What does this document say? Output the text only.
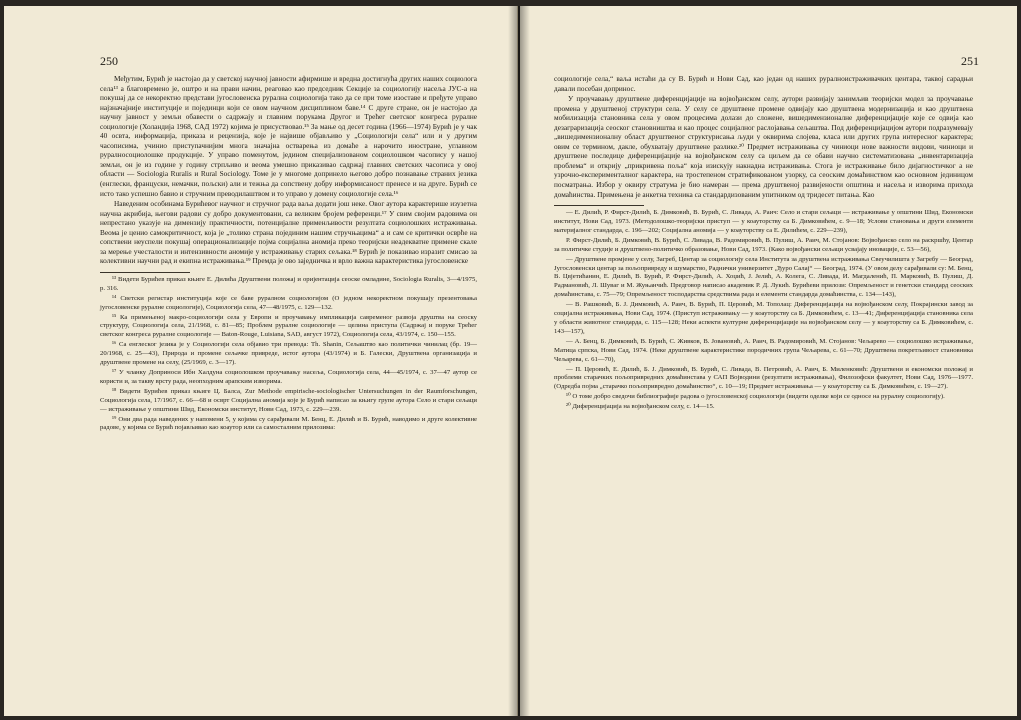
250

Међутим, Бурић је настојао да у светској научној јавности афирмише и вредна достигнућа других наших социолога села¹³ а благовремено је, оштро и на прави начин, реаговао као председник Секције за социологију насеља ЈУС-а на покушај да се некоректно представи југословенска рурална социологија тако да се при томе изоставе и пређуте управо најзначајније институције и појединци који се овом научном дисциплином баве.¹⁴ С друге стране, он је настојао да научну јавност у земљи обавести о садржају и главним порукама Другог и Трећег светског конгреса руралне социологије (Холандија 1968, САД 1972) којима је присуствовао.¹⁵ За мање од десет година (1966—1974) Бурић је у чак 40 освта, информација, приказа и рецензија, које је највише објављиво у „Социологији села“ или и у другим часописима, учинио приступачнијим многа значајна остварења из домаће а нарочито иностране, углавном руралносоциолошке продукције. У управо поменутом, једином специјализованом социолошком часопису у нашој земљи, он је из године у годину стрпљиво и веома умешно приказивао садржај главних светских часописа у овој области — Sociologia Ruralis и Rural Sociology. Томе је у многоме допринело његово добро познавање страних језика (енглески, француски, немачки, пољски) али и тежња да сопствену добру информисаност пренесе и на друге. Бурић се исто тако успешно бавио и стручним преводилаштвом и то управо у домену социологије села.¹⁶

Наведеним особинама Бурићевог научног и стручног рада ваља додати још неке. Овог аутора карактерише изузетна научна акрибија, његови радови су добро документовани, са великим бројем референци.¹⁷ У свим својим радовима он непрестано указује на димензију практичности, потенцијалне применљивости резултата социолошких истраживања. Веома је ценио самокритичност, која је „толико страна појединим нашим стручњацима“ а и сам се критички осврће на сопствени неуспели покушај операционализације појма социјална аномија преко теоријски неадекватне примене скале за мерење учесталости и интензивности аномије у истраживању старих сељака.¹⁸ Бурић је показивао изразит смисао за колективни научни рад и екипна истраживања.¹⁹ Премда је ово заједничка и врло важна карактеристика југословенске

¹³ Видети Бурићев приказ књиге Е. Дилића Друштвени положај и оријентација сеоске омладине, Sociologia Ruralis, 3—4/1975, p. 316.

¹⁴ Светски регистар институција које се баве руралном социологијом (О једном некоректном покушају презентовања југословенске руралне социологије), Социологија села, 47—48/1975, с. 129—132.

¹⁵ Ка примењеној макро-социологији села у Европи и проучавању импликација савременог развоја друштва на сеоску структуру, Социологија села, 21/1968, с. 81—85; Проблем руралне социологије — целина приступа (Садржај и поруке Трећег светског конгреса руралне социологије — Baton-Rouge, Luisiana, SAD, август 1972), Социологија села, 43/1974, с. 150—155.

¹⁶ Са енглеског језика је у Социологији села објавио три превода: Th. Shanin, Сељаштво као политички чинилац (бр. 19—20/1968, с. 25—43), Природа и промене сељачке привреде, истог аутора (43/1974) и Б. Галески, Друштвена организација и друштвене промене на селу, (25/1969, с. 3—17).

¹⁷ У чланку Доприноси Ибн Халдуна социолошком проучавању насеља, Социологија села, 44—45/1974, с. 37—47 аутор се користи и, за такву врсту рада, неопходним арапским изворима.

¹⁸ Видети Бурићев приказ књиге Ц. Балса, Zur Methode empirische-sociologischer Untersuchungen in der Raumforschungen, Социологија села, 17/1967, с. 66—68 и осврт Социјална аномија које је Бурић написао за књигу групе аутора Село и стари сељаци — истраживање у општини Шид, Економски институт, Нови Сад, 1973, с. 229—239.

¹⁹ Они два рада наведених у напомени 5, у којима су сарађивали М. Бенц, Е. Дилић и В. Бурић, наводимо и друге колективне радове, у којима се Бурић појављивао као коаутор или са самосталним прилозима:

251

социологије села,“ ваља истаћи да су В. Бурић и Нови Сад, као један од наших руралноистраживачких центара, таквој сарадњи давали посебан допринос.

У проучавању друштвене диференцијације на војвођанском селу, аутори развијају занимљив теоријски модел за проучавање промена у друштвеној структури села. У селу се друштвене промене одвијају као друштвена модернизација и као друштвена мобилизација становника села у овом процесима долази до сложене, вишедимензионалне диференцијације које се одвија као дезаграризација сеоског становништва и као процес социјалног раслојавања сељаштва. Под диференцијацијом аутори подразумевају „вишедимензионалну област друштвеног структурисања људи у оквирима слојева, класа или других група интересног карактера; овим се термином, дакле, обухватају друштвене разлике.²⁰ Предмет истраживања су чиниоци нове важности видови, чиниоци и друштвене последице диференцијације на војвођанском селу са циљем да се обави научно систематизована „инвентаризација проблема“ и открију „прикривена поља“ која изискују накнадна истраживања. Стога је истраживање било дијагностичког а не узрочно-експерименталног карактера, на тростепеном стратификованом узорку, са сеоским домаћинством као основном јединицом посматрања. Избор у оквиру стратума је био намеран — према друштвеној развијености општина и насеља и изворима прихода домаћинства. Примењена је анкетна техника са стандардизованим упитником од тридесет питања. Као

— Е. Дилић, Р. Фирст-Дилић, Б. Димковић, В. Бурић, С. Ливада, А. Раич: Село и стари сељаци — истраживање у општини Шид, Економски институт, Нови Сад, 1973. (Методолошко-теоријски приступ — у коауторству са Б. Димковићем, с. 9—18; Услови становања и други елементи материјалног стандарда, с. 196—202; Социјална аномија — у коауторству са Е. Дилићем, с. 229—239),

Р. Фирст-Дилић, Б. Димковић, В. Бурић, С. Ливада, В. Радомировић, В. Пулиш, А. Раич, М. Стојанов: Војвођанско село на раскршћу, Центар за политичке студије и друштвено-политичко образовање, Нови Сад, 1973. (Како војвођански сељаци усвајају иновације, с. 53—56),

— Друштвене промјене у селу, Загреб, Центар за социологију села Института за друштвена истраживања Свеучилишта у Загребу — Београд, Југословенски центар за пољопривреду и шумарство, Раднички универзитет „Ђуро Салај“ — Београд, 1974. (У овом делу сарађивали су: М. Бенц, В. Цвјетићанин, Е. Дилић, В. Бурић, Р. Фирст-Дилић, А. Хоџић, Ј. Јелић, А. Колега, С. Ливада, И. Магдаленић, П. Марковић, В. Пулиш, Д. Радмановић, Л. Шуваг и М. Жуњанчић. Предговор написао академик Р. Д. Лукић. Бурићеви прилози: Опремљеност и генетски стандард сеоских домаћинстава, с. 75—79; Опремљеност тосподарства средствима рада и елементи стандарда домаћинства, с. 134—143),

— В. Рашковић, Б. Ј. Димковић, А. Раич, В. Бурић, П. Церовић, М. Тополац: Диференцијација на војвођанском селу, Покрајински завод за социјална истраживања, Нови Сад, 1974. (Приступ истраживању — у коауторству са Б. Димковићем, с. 13—41; Диференцијација становника села у области животног стандарда, с. 115—128; Неки аспекти културне диференцијације на војвођанском селу — у коауторству са Б. Димковићем, с. 143—157),

— А. Бенц, Б. Димковић, В. Бурић, С. Живков, В. Јовановић, А. Раич, В. Радомировић, М. Стојанов: Чељарево — социолошко истраживање, Матица српска, Нови Сад, 1974. (Неке друштвене карактеристике породичних група Чељарева, с. 61—70; Друштвена покретљивост становника Чељарева, с. 61—70),

— П. Церовић, Е. Дилић, Б. Ј. Димковић, В. Бурић, С. Ливада, В. Петровић, А. Раич, Б. Миленковић: Друштвени и економски положај и проблеми старачких пољопривредних домаћинстава у САП Војводини (резултати истраживања), Филозофски факултет, Нови Сад, 1976—1977. (Одредба појма „старачко пољопривредно домаћинство“, с. 10—19; Предмет истраживања — у коауторству са Б. Димковићем, с. 19—27).

¹⁰ О томе добро сведочи библиографије радова о југословенској социологији (видети оделке који се односе на руралну социологију).

²⁰ Диференцијација на војвођанском селу, с. 14—15.
